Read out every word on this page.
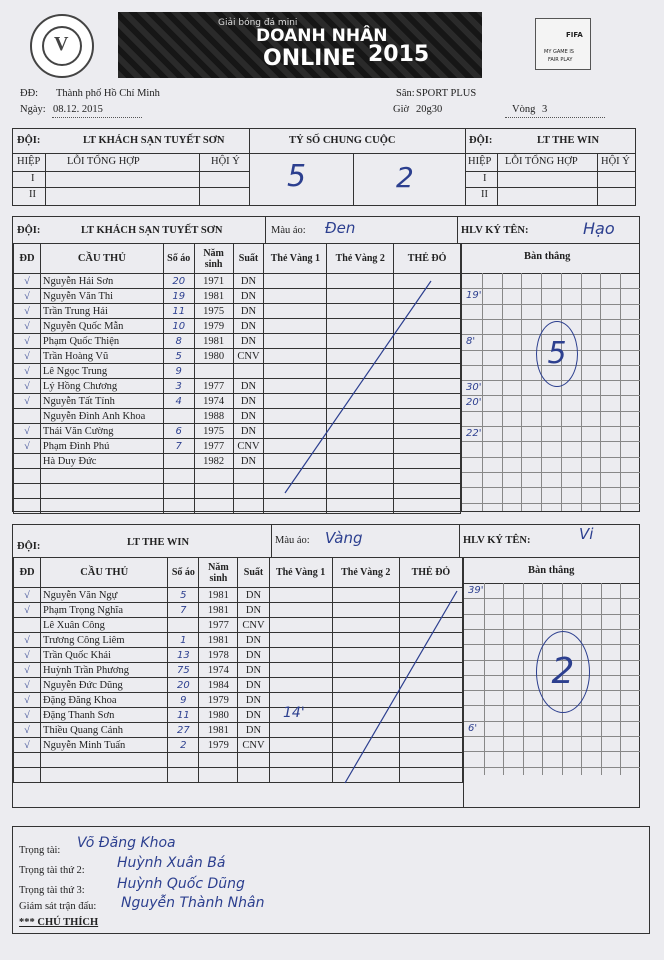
V
Giải bóng đá mini
DOANH NHÂN
ONLINE 2015
FIFA
MY GAME IS
FAIR PLAY
ĐĐ: Thành phố Hồ Chí Minh
Ngày: 08.12. 2015
Sân: SPORT PLUS
Giờ 20g30	Vòng 3
ĐỘI:	LT KHÁCH SẠN TUYẾT SƠN
HIỆP	LỖI TỔNG HỢP	HỘI Ý
I
II
TỶ SỐ CHUNG CUỘC
5	2
ĐỘI:	LT THE WIN
HIỆP LỖI TỔNG HỢP HỘI Ý
I
II
ĐỘI:	LT KHÁCH SẠN TUYẾT SƠN	Màu áo: Đen	HLV KÝ TÊN:	Hạo
ĐD	CẦU THỦ	Số áo	Năm sinh	Suất	Thẻ Vàng 1	Thẻ Vàng 2	THẺ ĐỎ
√	Nguyễn Hải Sơn	20	1971	DN			
√	Nguyễn Văn Thi	19	1981	DN			
√	Trần Trung Hải	11	1975	DN			
√	Nguyễn Quốc Mẫn	10	1979	DN			
√	Phạm Quốc Thiện	8	1981	DN			
√	Trần Hoàng Vũ	5	1980	CNV			
√	Lê Ngọc Trung	9					
√	Lý Hồng Chương	3	1977	DN			
√	Nguyễn Tất Tính	4	1974	DN			
	Nguyễn Đình Anh Khoa		1988	DN			
√	Thái Văn Cường	6	1975	DN			
√	Phạm Đình Phú	7	1977	CNV			
	Hà Duy Đức		1982	DN			

Bàn thắng
19'
8'
30'
20'
22'
5
ĐỘI:	LT THE WIN	Màu áo: Vàng	HLV KÝ TÊN:	Vi
ĐD	CẦU THỦ	Số áo	Năm sinh	Suất	Thẻ Vàng 1	Thẻ Vàng 2	THẺ ĐỎ
√	Nguyễn Văn Ngự	5	1981	DN			
√	Phạm Trọng Nghĩa	7	1981	DN			
	Lê Xuân Công		1977	CNV			
√	Trương Công Liêm	1	1981	DN			
√	Trần Quốc Khải	13	1978	DN			
√	Huỳnh Trần Phương	75	1974	DN			
√	Nguyễn Đức Dũng	20	1984	DN			
√	Đặng Đăng Khoa	9	1979	DN			
√	Đặng Thanh Sơn	11	1980	DN			
√	Thiều Quang Cảnh	27	1981	DN			
√	Nguyễn Minh Tuấn	2	1979	CNV			

Bàn thắng
39'
6'
2
14'
Trọng tài: Võ Đăng Khoa
Trọng tài thứ 2: Huỳnh Xuân Bá
Trọng tài thứ 3: Huỳnh Quốc Dũng
Giám sát trận đấu: Nguyễn Thành Nhân
*** CHÚ THÍCH
